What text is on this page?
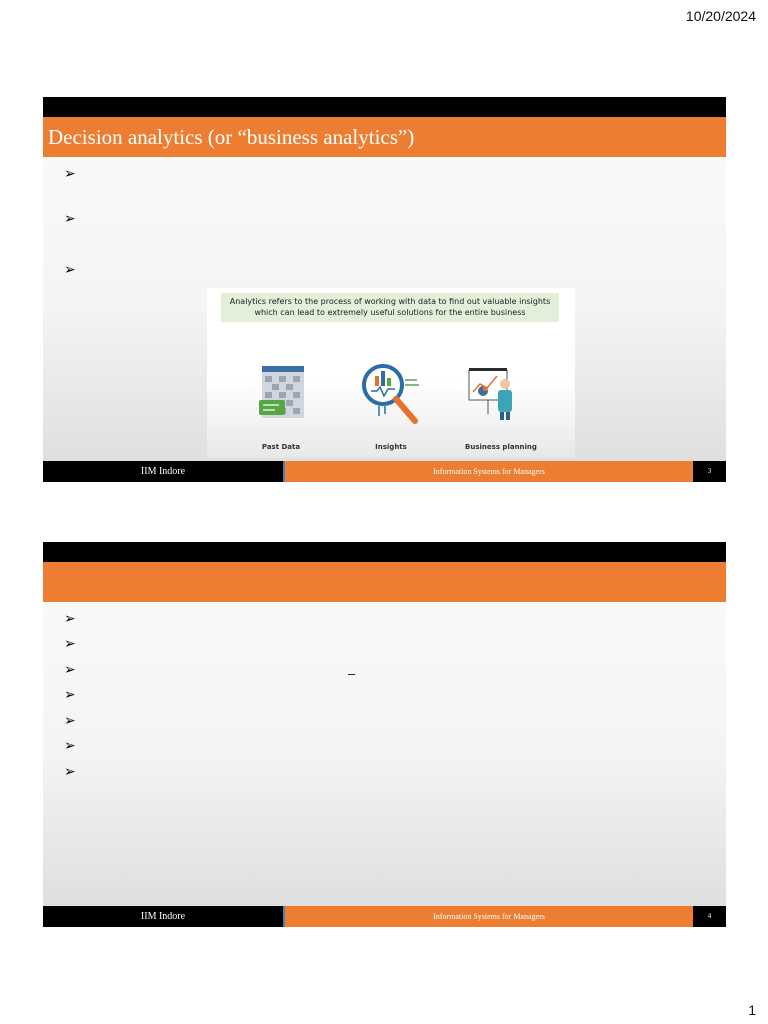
10/20/2024
Decision analytics (or “business analytics”)
➢
➢
➢
Analytics refers to the process of working with data to find out valuable insights
which can lead to extremely useful solutions for the entire business
Past Data	Insights	Business planning
IIM Indore	Information Systems for Managers	3
➢
➢
➢
➢
➢
➢
➢
–
IIM Indore	Information Systems for Managers	4
1
